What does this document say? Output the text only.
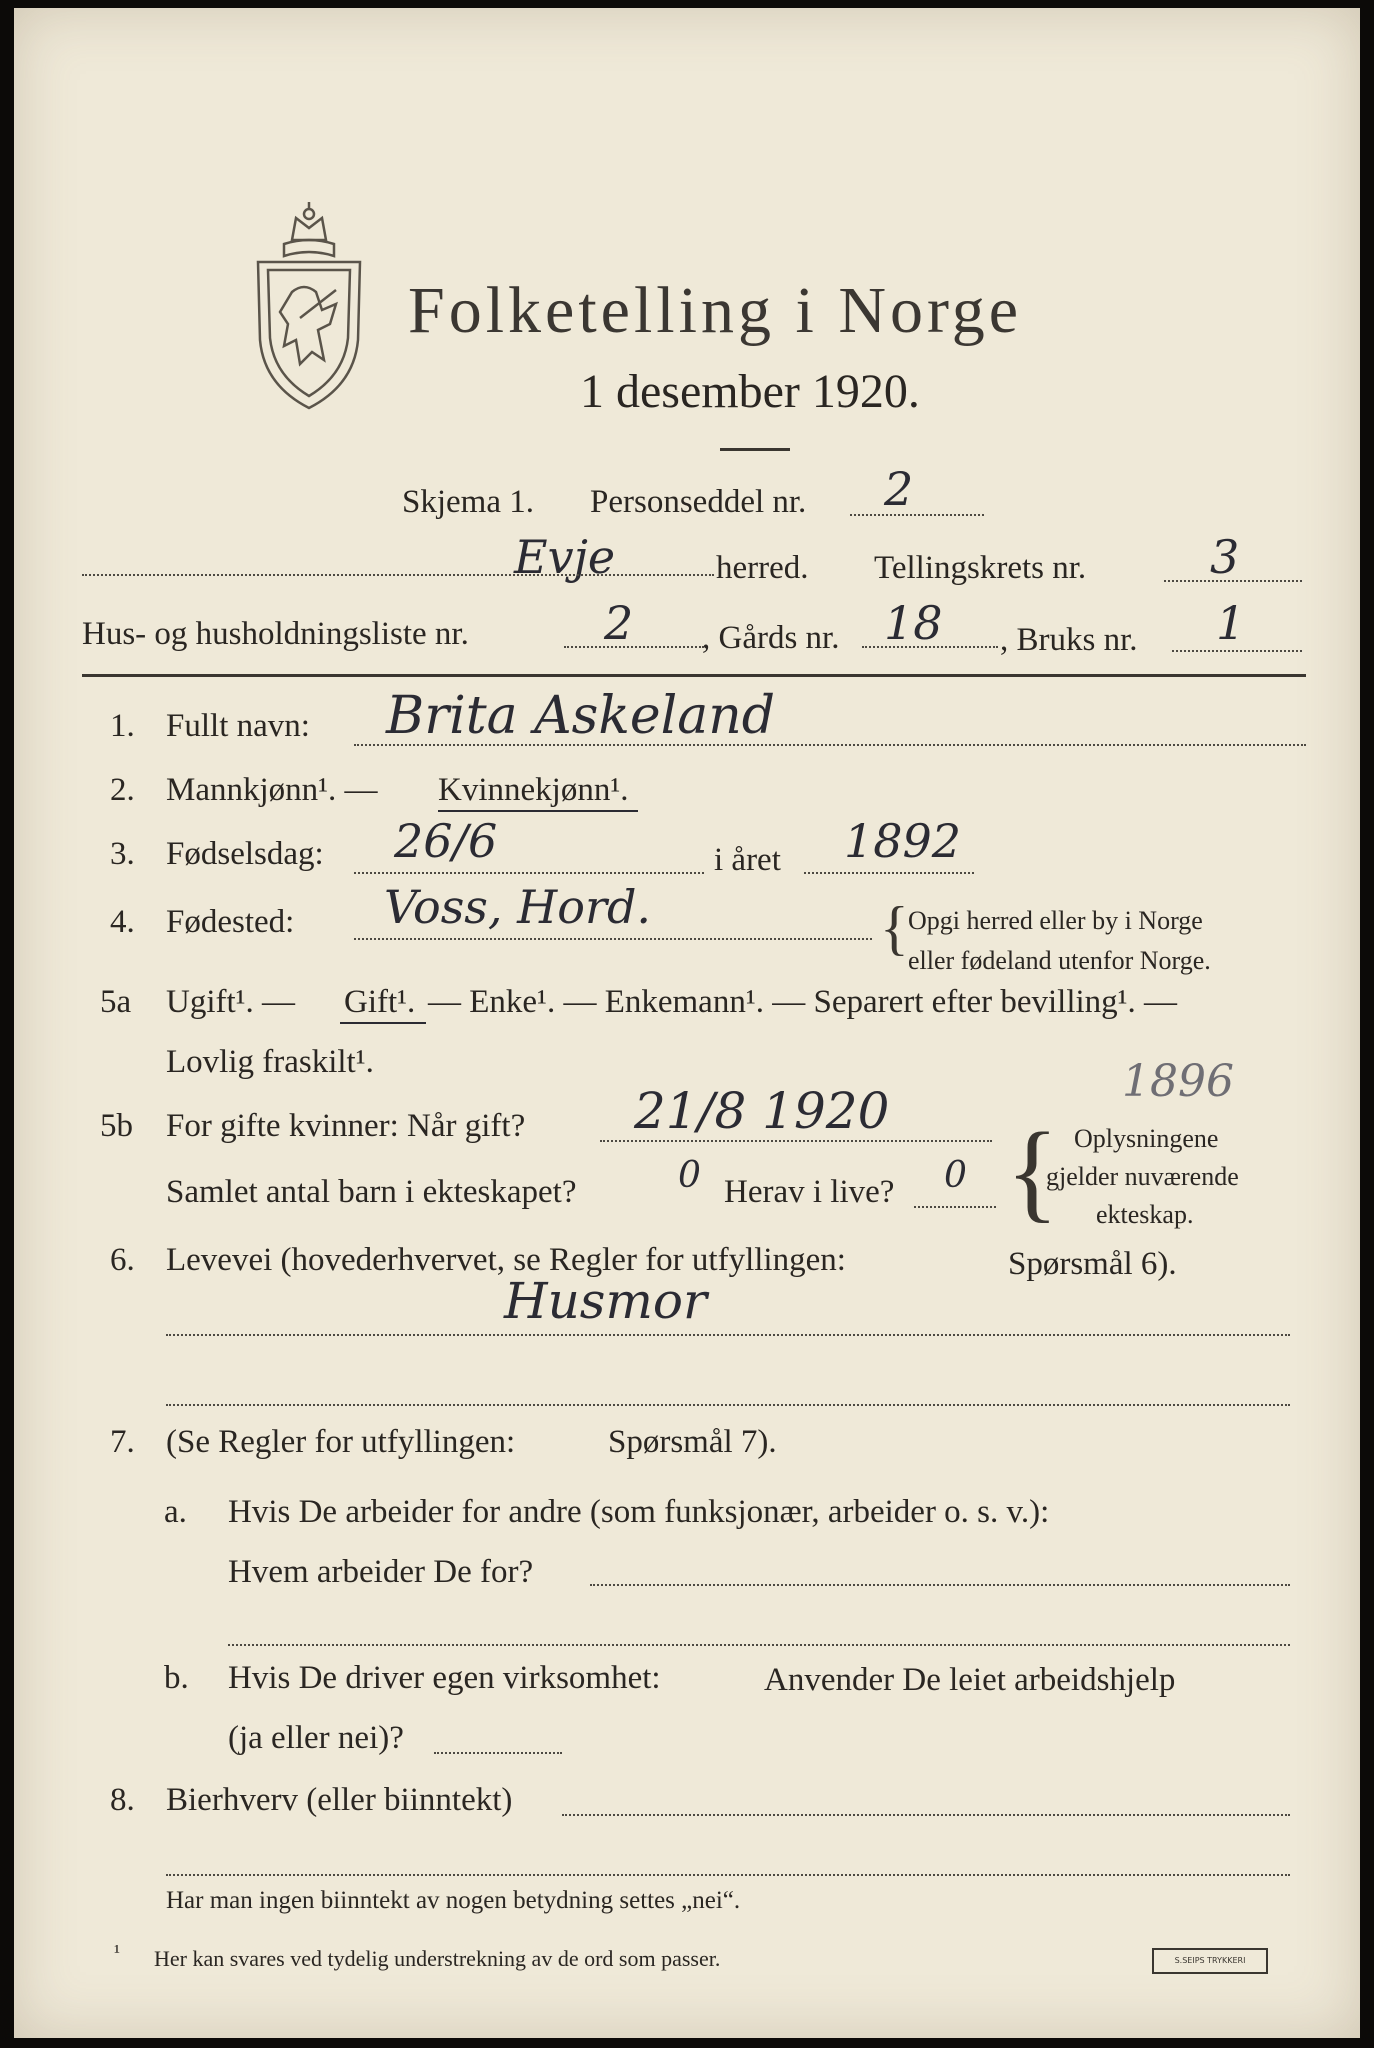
Folketelling i Norge
1 desember 1920.
Skjema 1. Personseddel nr. 2
Evje	herred. Tellingskrets nr.	3
Hus- og husholdningsliste nr.	2 , Gårds nr. 18 , Bruks nr. 1
1. Fullt navn: Brita Askeland
2. Mannkjønn¹. — Kvinnekjønn¹.
3. Fødselsdag: 26/6	i året 1892
4. Fødested: Voss, Hord.	{ Opgi herred eller by i Norge
eller fødeland utenfor Norge.
5a Ugift¹. — Gift¹. — Enke¹. — Enkemann¹. — Separert efter bevilling¹. —
Lovlig fraskilt¹.
5b For gifte kvinner: Når gift? 21/8 1920
1896
Samlet antal barn i ekteskapet?	0 Herav i live? 0 { Oplysningene
gjelder nuværende
ekteskap.
6. Levevei (hovederhvervet, se Regler for utfyllingen:	Spørsmål 6).
Husmor
7. (Se Regler for utfyllingen:	Spørsmål 7).
a. Hvis De arbeider for andre (som funksjonær, arbeider o. s. v.):
Hvem arbeider De for?
b. Hvis De driver egen virksomhet:	Anvender De leiet arbeidshjelp
(ja eller nei)?
8. Bierhverv (eller biinntekt)
Har man ingen biinntekt av nogen betydning settes „nei“.
¹ Her kan svares ved tydelig understrekning av de ord som passer.	S.SEIPS TRYKKERI
